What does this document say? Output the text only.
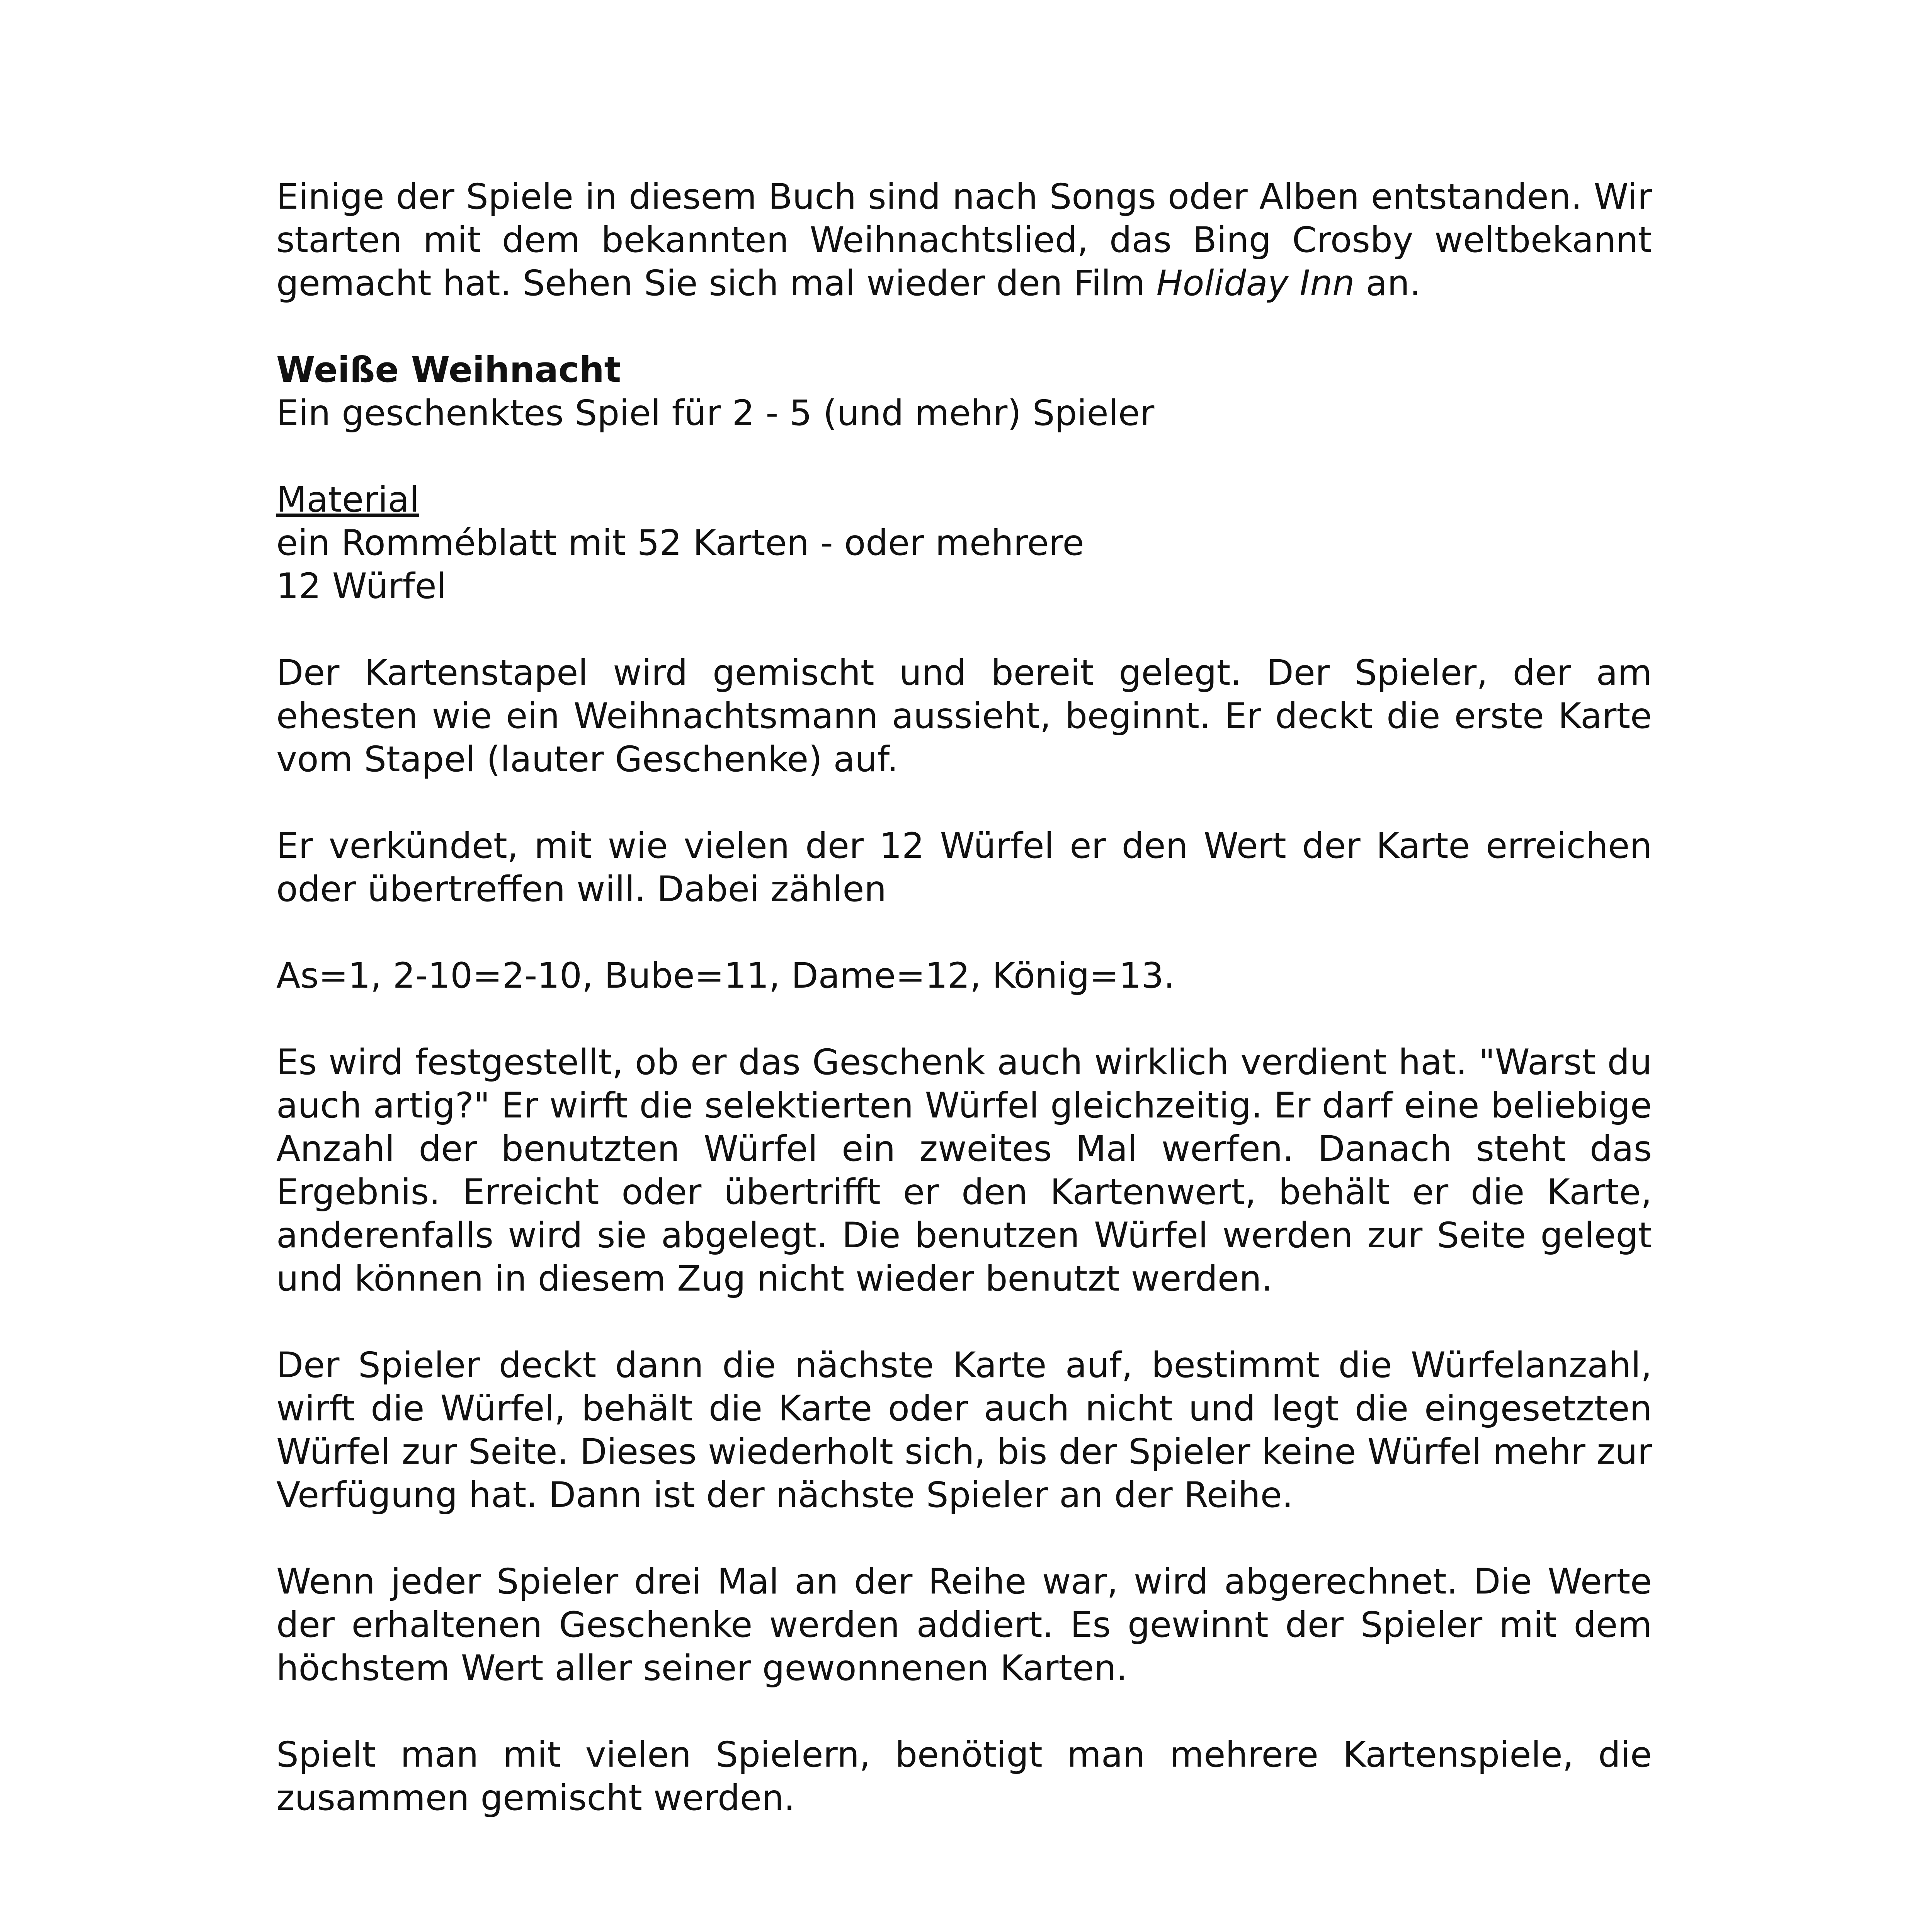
Einige der Spiele in diesem Buch sind nach Songs oder Alben entstanden. Wir starten mit dem bekannten Weihnachtslied, das Bing Crosby weltbekannt gemacht hat. Sehen Sie sich mal wieder den Film Holiday Inn an.

Weiße Weihnacht

Ein geschenktes Spiel für 2 - 5 (und mehr) Spieler

Material
ein Romméblatt mit 52 Karten - oder mehrere
12 Würfel

Der Kartenstapel wird gemischt und bereit gelegt. Der Spieler, der am ehesten wie ein Weihnachtsmann aussieht, beginnt. Er deckt die erste Karte vom Stapel (lauter Geschenke) auf.

Er verkündet, mit wie vielen der 12 Würfel er den Wert der Karte erreichen oder übertreffen will. Dabei zählen

As=1, 2-10=2-10, Bube=11, Dame=12, König=13.

Es wird festgestellt, ob er das Geschenk auch wirklich verdient hat. "Warst du auch artig?" Er wirft die selektierten Würfel gleichzeitig. Er darf eine beliebige Anzahl der benutzten Würfel ein zweites Mal werfen. Danach steht das Ergebnis. Erreicht oder übertrifft er den Kartenwert, behält er die Karte, anderenfalls wird sie abgelegt. Die benutzen Würfel werden zur Seite gelegt und können in diesem Zug nicht wieder benutzt werden.

Der Spieler deckt dann die nächste Karte auf, bestimmt die Würfelanzahl, wirft die Würfel, behält die Karte oder auch nicht und legt die eingesetzten Würfel zur Seite. Dieses wiederholt sich, bis der Spieler keine Würfel mehr zur Verfügung hat. Dann ist der nächste Spieler an der Reihe.

Wenn jeder Spieler drei Mal an der Reihe war, wird abgerechnet. Die Werte der erhaltenen Geschenke werden addiert. Es gewinnt der Spieler mit dem höchstem Wert aller seiner gewonnenen Karten.

Spielt man mit vielen Spielern, benötigt man mehrere Kartenspiele, die zusammen gemischt werden.
